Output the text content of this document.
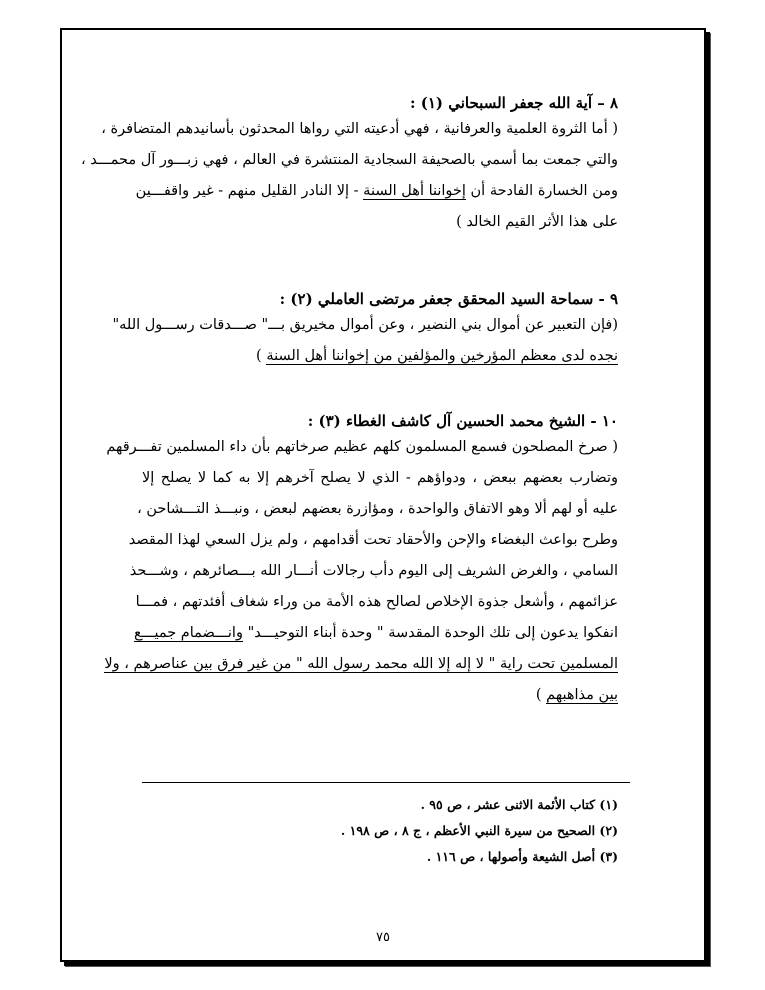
٨ – آية الله جعفر السبحاني (١) :
( أما الثروة العلمية والعرفانية ، فهي أدعيته التي رواها المحدثون بأسانيدهم المتضافرة ،
والتي جمعت بما أسمي بالصحيفة السجادية المنتشرة في العالم ، فهي زبـــور آل محمـــد ،
ومن الخسارة الفادحة أن إخواننا أهل السنة - إلا النادر القليل منهم - غير واقفـــين
على هذا الأثر القيم الخالد )
٩ - سماحة السيد المحقق جعفر مرتضى العاملي (٢) :
(فإن التعبير عن أموال بني النضير ، وعن أموال مخيريق بـــ" صـــدقات رســـول الله"
نجده لدى معظم المؤرخين والمؤلفين من إخواننا أهل السنة )
١٠ - الشيخ محمد الحسين آل كاشف الغطاء (٣) :
( صرخ المصلحون فسمع المسلمون كلهم عظيم صرخاتهم بأن داء المسلمين تفـــرقهم
وتضارب بعضهم ببعض ، ودواؤهم - الذي لا يصلح آخرهم إلا به كما لا يصلح إلا
عليه أو لهم ألا وهو الاتفاق والواحدة ، ومؤازرة بعضهم لبعض ، ونبـــذ التـــشاحن ،
وطرح بواعث البغضاء والإحن والأحقاد تحت أقدامهم ، ولم يزل السعي لهذا المقصد
السامي ، والغرض الشريف إلى اليوم دأب رجالات أنـــار الله بـــصائرهم ، وشـــحذ
عزائمهم ، وأشعل جذوة الإخلاص لصالح هذه الأمة من وراء شغاف أفئدتهم ، فمـــا
انفكوا يدعون إلى تلك الوحدة المقدسة " وحدة أبناء التوحيـــد" وانـــضمام جميـــع
المسلمين تحت راية " لا إله إلا الله محمد رسول الله " من غير فرق بين عناصرهم ، ولا
بين مذاهبهم )
(١) كتاب الأئمة الاثنى عشر ، ص ٩٥ .
(٢) الصحيح من سيرة النبي الأعظم ، ج ٨ ، ص ١٩٨ .
(٣) أصل الشيعة وأصولها ، ص ١١٦ .
٧٥
